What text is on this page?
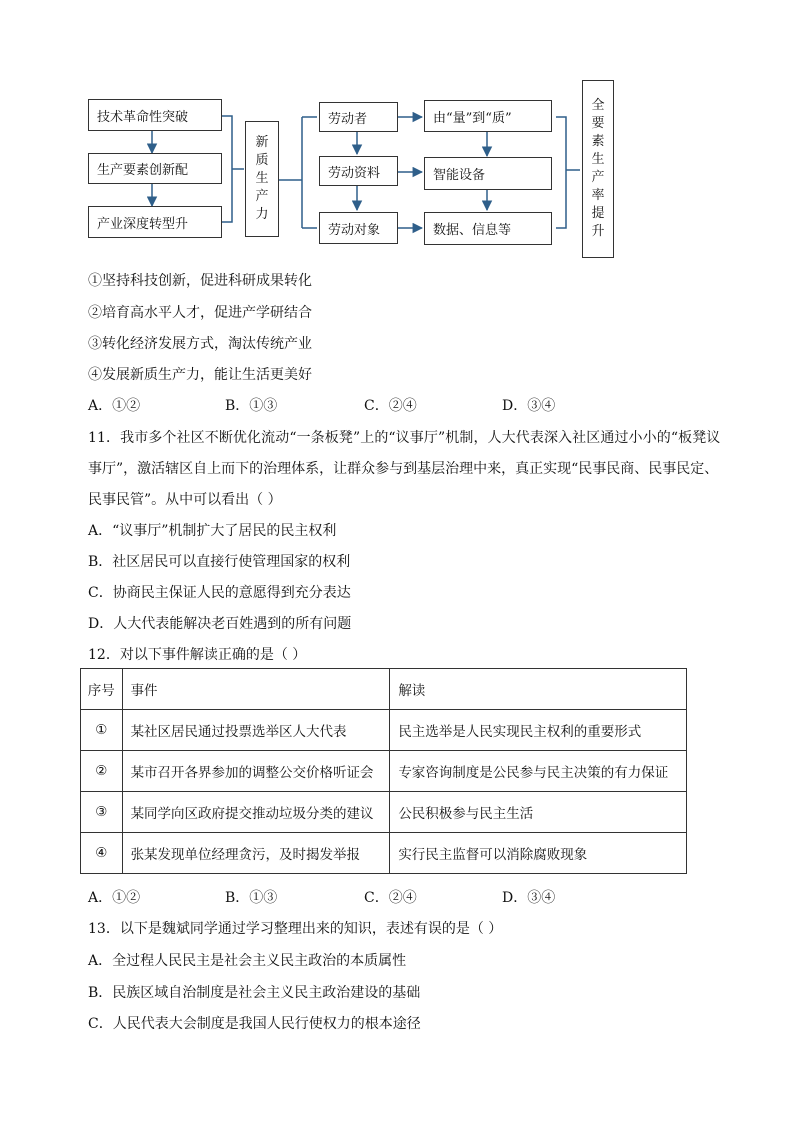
技术革命性突破
生产要素创新配
产业深度转型升
新
质
生
产
力
劳动者
劳动资料
劳动对象
由“量”到“质”
智能设备
数据、信息等
全
要
素
生
产
率
提
升
①坚持科技创新，促进科研成果转化
②培育高水平人才，促进产学研结合
③转化经济发展方式，淘汰传统产业
④发展新质生产力，能让生活更美好
A．①②	B．①③	C．②④	D．③④
11．我市多个社区不断优化流动“一条板凳”上的“议事厅”机制，人大代表深入社区通过小小的“板凳议
事厅”，激活辖区自上而下的治理体系，让群众参与到基层治理中来，真正实现“民事民商、民事民定、
民事民管”。从中可以看出（ ）
A．“议事厅”机制扩大了居民的民主权利
B．社区居民可以直接行使管理国家的权利
C．协商民主保证人民的意愿得到充分表达
D．人大代表能解决老百姓遇到的所有问题
12．对以下事件解读正确的是（ ）
序号	事件	解读
①	某社区居民通过投票选举区人大代表	民主选举是人民实现民主权利的重要形式
②	某市召开各界参加的调整公交价格听证会	专家咨询制度是公民参与民主决策的有力保证
③	某同学向区政府提交推动垃圾分类的建议	公民积极参与民主生活
④	张某发现单位经理贪污，及时揭发举报	实行民主监督可以消除腐败现象
A．①②	B．①③	C．②④	D．③④
13．以下是魏斌同学通过学习整理出来的知识，表述有误的是（ ）
A．全过程人民民主是社会主义民主政治的本质属性
B．民族区域自治制度是社会主义民主政治建设的基础
C．人民代表大会制度是我国人民行使权力的根本途径
